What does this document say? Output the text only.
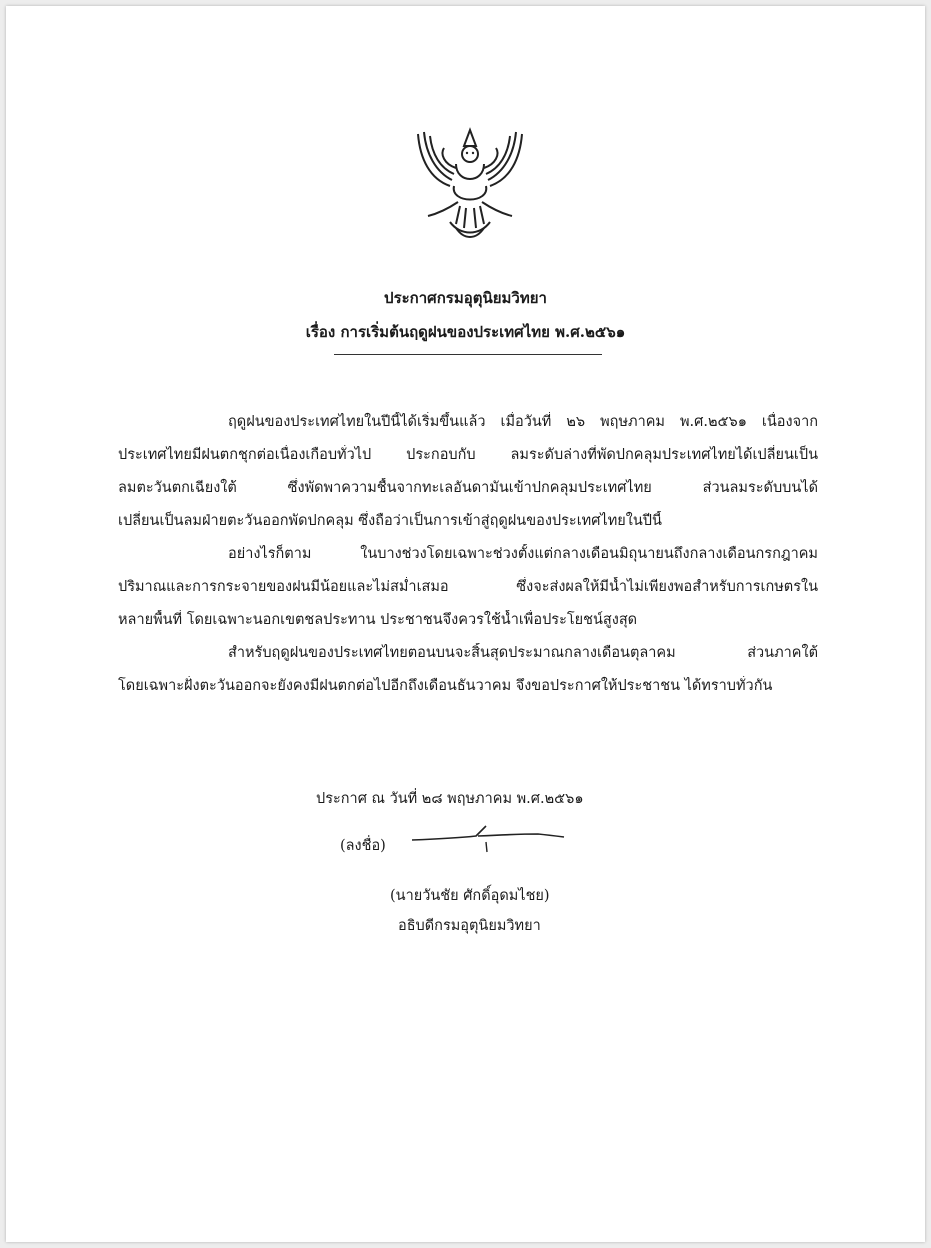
ประกาศกรมอุตุนิยมวิทยา
เรื่อง การเริ่มต้นฤดูฝนของประเทศไทย พ.ศ.๒๕๖๑
ฤดูฝนของประเทศไทยในปีนี้ได้เริ่มขึ้นแล้ว เมื่อวันที่ ๒๖ พฤษภาคม พ.ศ.๒๕๖๑ เนื่องจาก
ประเทศไทยมีฝนตกชุกต่อเนื่องเกือบทั่วไป ประกอบกับ ลมระดับล่างที่พัดปกคลุมประเทศไทยได้เปลี่ยนเป็น
ลมตะวันตกเฉียงใต้ ซึ่งพัดพาความชื้นจากทะเลอันดามันเข้าปกคลุมประเทศไทย ส่วนลมระดับบนได้
เปลี่ยนเป็นลมฝ่ายตะวันออกพัดปกคลุม ซึ่งถือว่าเป็นการเข้าสู่ฤดูฝนของประเทศไทยในปีนี้
อย่างไรก็ตาม ในบางช่วงโดยเฉพาะช่วงตั้งแต่กลางเดือนมิถุนายนถึงกลางเดือนกรกฎาคม
ปริมาณและการกระจายของฝนมีน้อยและไม่สม่ำเสมอ ซึ่งจะส่งผลให้มีน้ำไม่เพียงพอสำหรับการเกษตรใน
หลายพื้นที่ โดยเฉพาะนอกเขตชลประทาน ประชาชนจึงควรใช้น้ำเพื่อประโยชน์สูงสุด
สำหรับฤดูฝนของประเทศไทยตอนบนจะสิ้นสุดประมาณกลางเดือนตุลาคม ส่วนภาคใต้
โดยเฉพาะฝั่งตะวันออกจะยังคงมีฝนตกต่อไปอีกถึงเดือนธันวาคม จึงขอประกาศให้ประชาชน ได้ทราบทั่วกัน
ประกาศ ณ วันที่ ๒๘ พฤษภาคม พ.ศ.๒๕๖๑
(ลงชื่อ)
(นายวันชัย ศักดิ์อุดมไชย)
อธิบดีกรมอุตุนิยมวิทยา
